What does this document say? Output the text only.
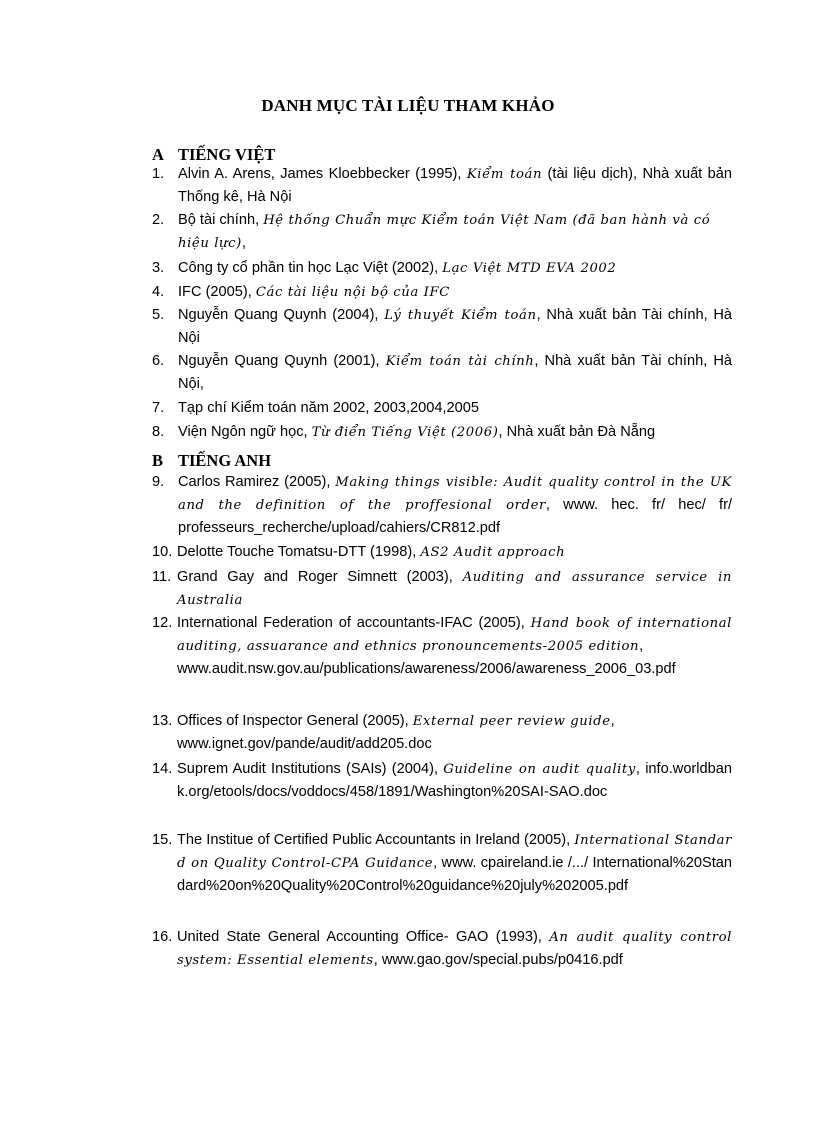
DANH MỤC TÀI LIỆU THAM KHẢO
A TIẾNG VIỆT
1. Alvin A. Arens, James Kloebbecker (1995), Kiểm toán (tài liệu dịch), Nhà xuất bản Thống kê, Hà Nội
2. Bộ tài chính, Hệ thống Chuẩn mực Kiểm toán Việt Nam (đã ban hành và có hiệu lực),
3. Công ty cổ phần tin học Lạc Việt (2002), Lạc Việt MTD EVA 2002
4. IFC (2005), Các tài liệu nội bộ của IFC
5. Nguyễn Quang Quynh (2004), Lý thuyết Kiểm toán, Nhà xuất bản Tài chính, Hà Nội
6. Nguyễn Quang Quynh (2001), Kiểm toán tài chính, Nhà xuất bản Tài chính, Hà Nội,
7. Tạp chí Kiểm toán năm 2002, 2003,2004,2005
8. Viện Ngôn ngữ học, Từ điển Tiếng Việt (2006), Nhà xuất bản Đà Nẵng
B TIẾNG ANH
9. Carlos Ramirez (2005), Making things visible: Audit quality control in the UK and the definition of the proffesional order, www. hec. fr/ hec/ fr/ professeurs_recherche/upload/cahiers/CR812.pdf
10. Delotte Touche Tomatsu-DTT (1998), AS2 Audit approach
11. Grand Gay and Roger Simnett (2003), Auditing and assurance service in Australia
12. International Federation of accountants-IFAC (2005), Hand book of international auditing, assuarance and ethnics pronouncements-2005 edition,
www.audit.nsw.gov.au/publications/awareness/2006/awareness_2006_03.pdf
13. Offices of Inspector General (2005), External peer review guide,
www.ignet.gov/pande/audit/add205.doc
14. Suprem Audit Institutions (SAIs) (2004), Guideline on audit quality, info.worldbank.org/etools/docs/voddocs/458/1891/Washington%20SAI-SAO.doc
15. The Institue of Certified Public Accountants in Ireland (2005), International Standard on Quality Control-CPA Guidance, www. cpaireland.ie /.../ International%20Standard%20on%20Quality%20Control%20guidance%20july%202005.pdf
16. United State General Accounting Office- GAO (1993), An audit quality control system: Essential elements, www.gao.gov/special.pubs/p0416.pdf
